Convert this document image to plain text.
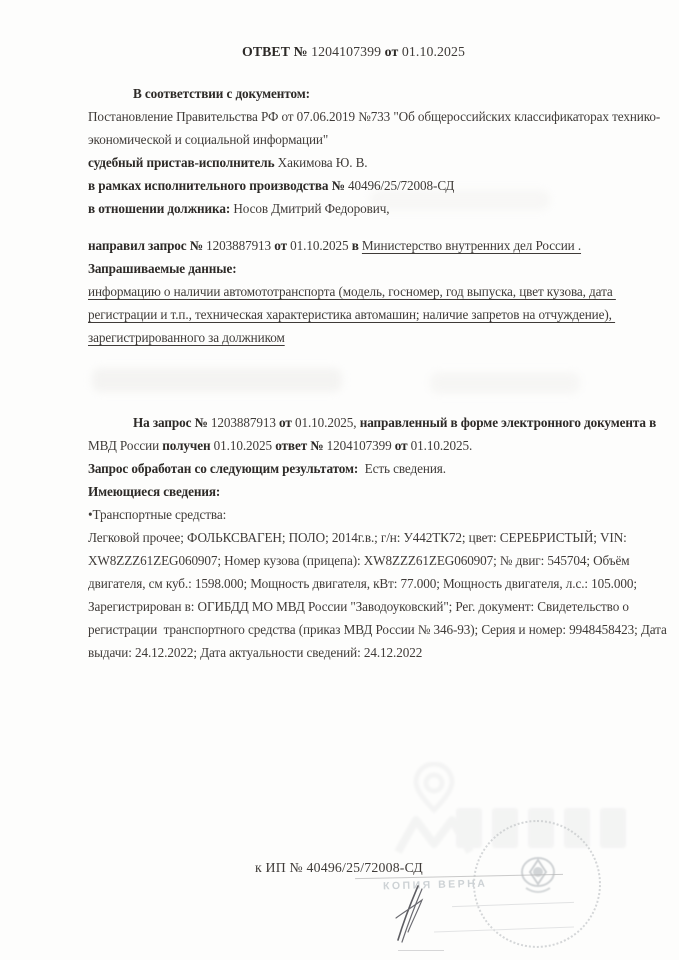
ОТВЕТ № 1204107399 от 01.10.2025
В соответствии с документом:
Постановление Правительства РФ от 07.06.2019 №733 "Об общероссийских классификаторах технико-
экономической и социальной информации"
судебный пристав-исполнитель Хакимова Ю. В.
в рамках исполнительного производства № 40496/25/72008-СД
в отношении должника: Носов Дмитрий Федорович,
направил запрос № 1203887913 от 01.10.2025 в Министерство внутренних дел России .
Запрашиваемые данные:
информацию о наличии автомототранспорта (модель, госномер, год выпуска, цвет кузова, дата
регистрации и т.п., техническая характеристика автомашин; наличие запретов на отчуждение),
зарегистрированного за должником
На запрос № 1203887913 от 01.10.2025, направленный в форме электронного документа в
МВД России получен 01.10.2025 ответ № 1204107399 от 01.10.2025.
Запрос обработан со следующим результатом:  Есть сведения.
Имеющиеся сведения:
•Транспортные средства:
Легковой прочее; ФОЛЬКСВАГЕН; ПОЛО; 2014г.в.; г/н: У442ТК72; цвет: СЕРЕБРИСТЫЙ; VIN:
XW8ZZZ61ZEG060907; Номер кузова (прицепа): XW8ZZZ61ZEG060907; № двиг: 545704; Объём
двигателя, см куб.: 1598.000; Мощность двигателя, кВт: 77.000; Мощность двигателя, л.с.: 105.000;
Зарегистрирован в: ОГИБДД МО МВД России "Заводоуковский"; Рег. документ: Свидетельство о
регистрации  транспортного средства (приказ МВД России № 346-93); Серия и номер: 9948458423; Дата
выдачи: 24.12.2022; Дата актуальности сведений: 24.12.2022
КОПИЯ ВЕРНА
к ИП № 40496/25/72008-СД
